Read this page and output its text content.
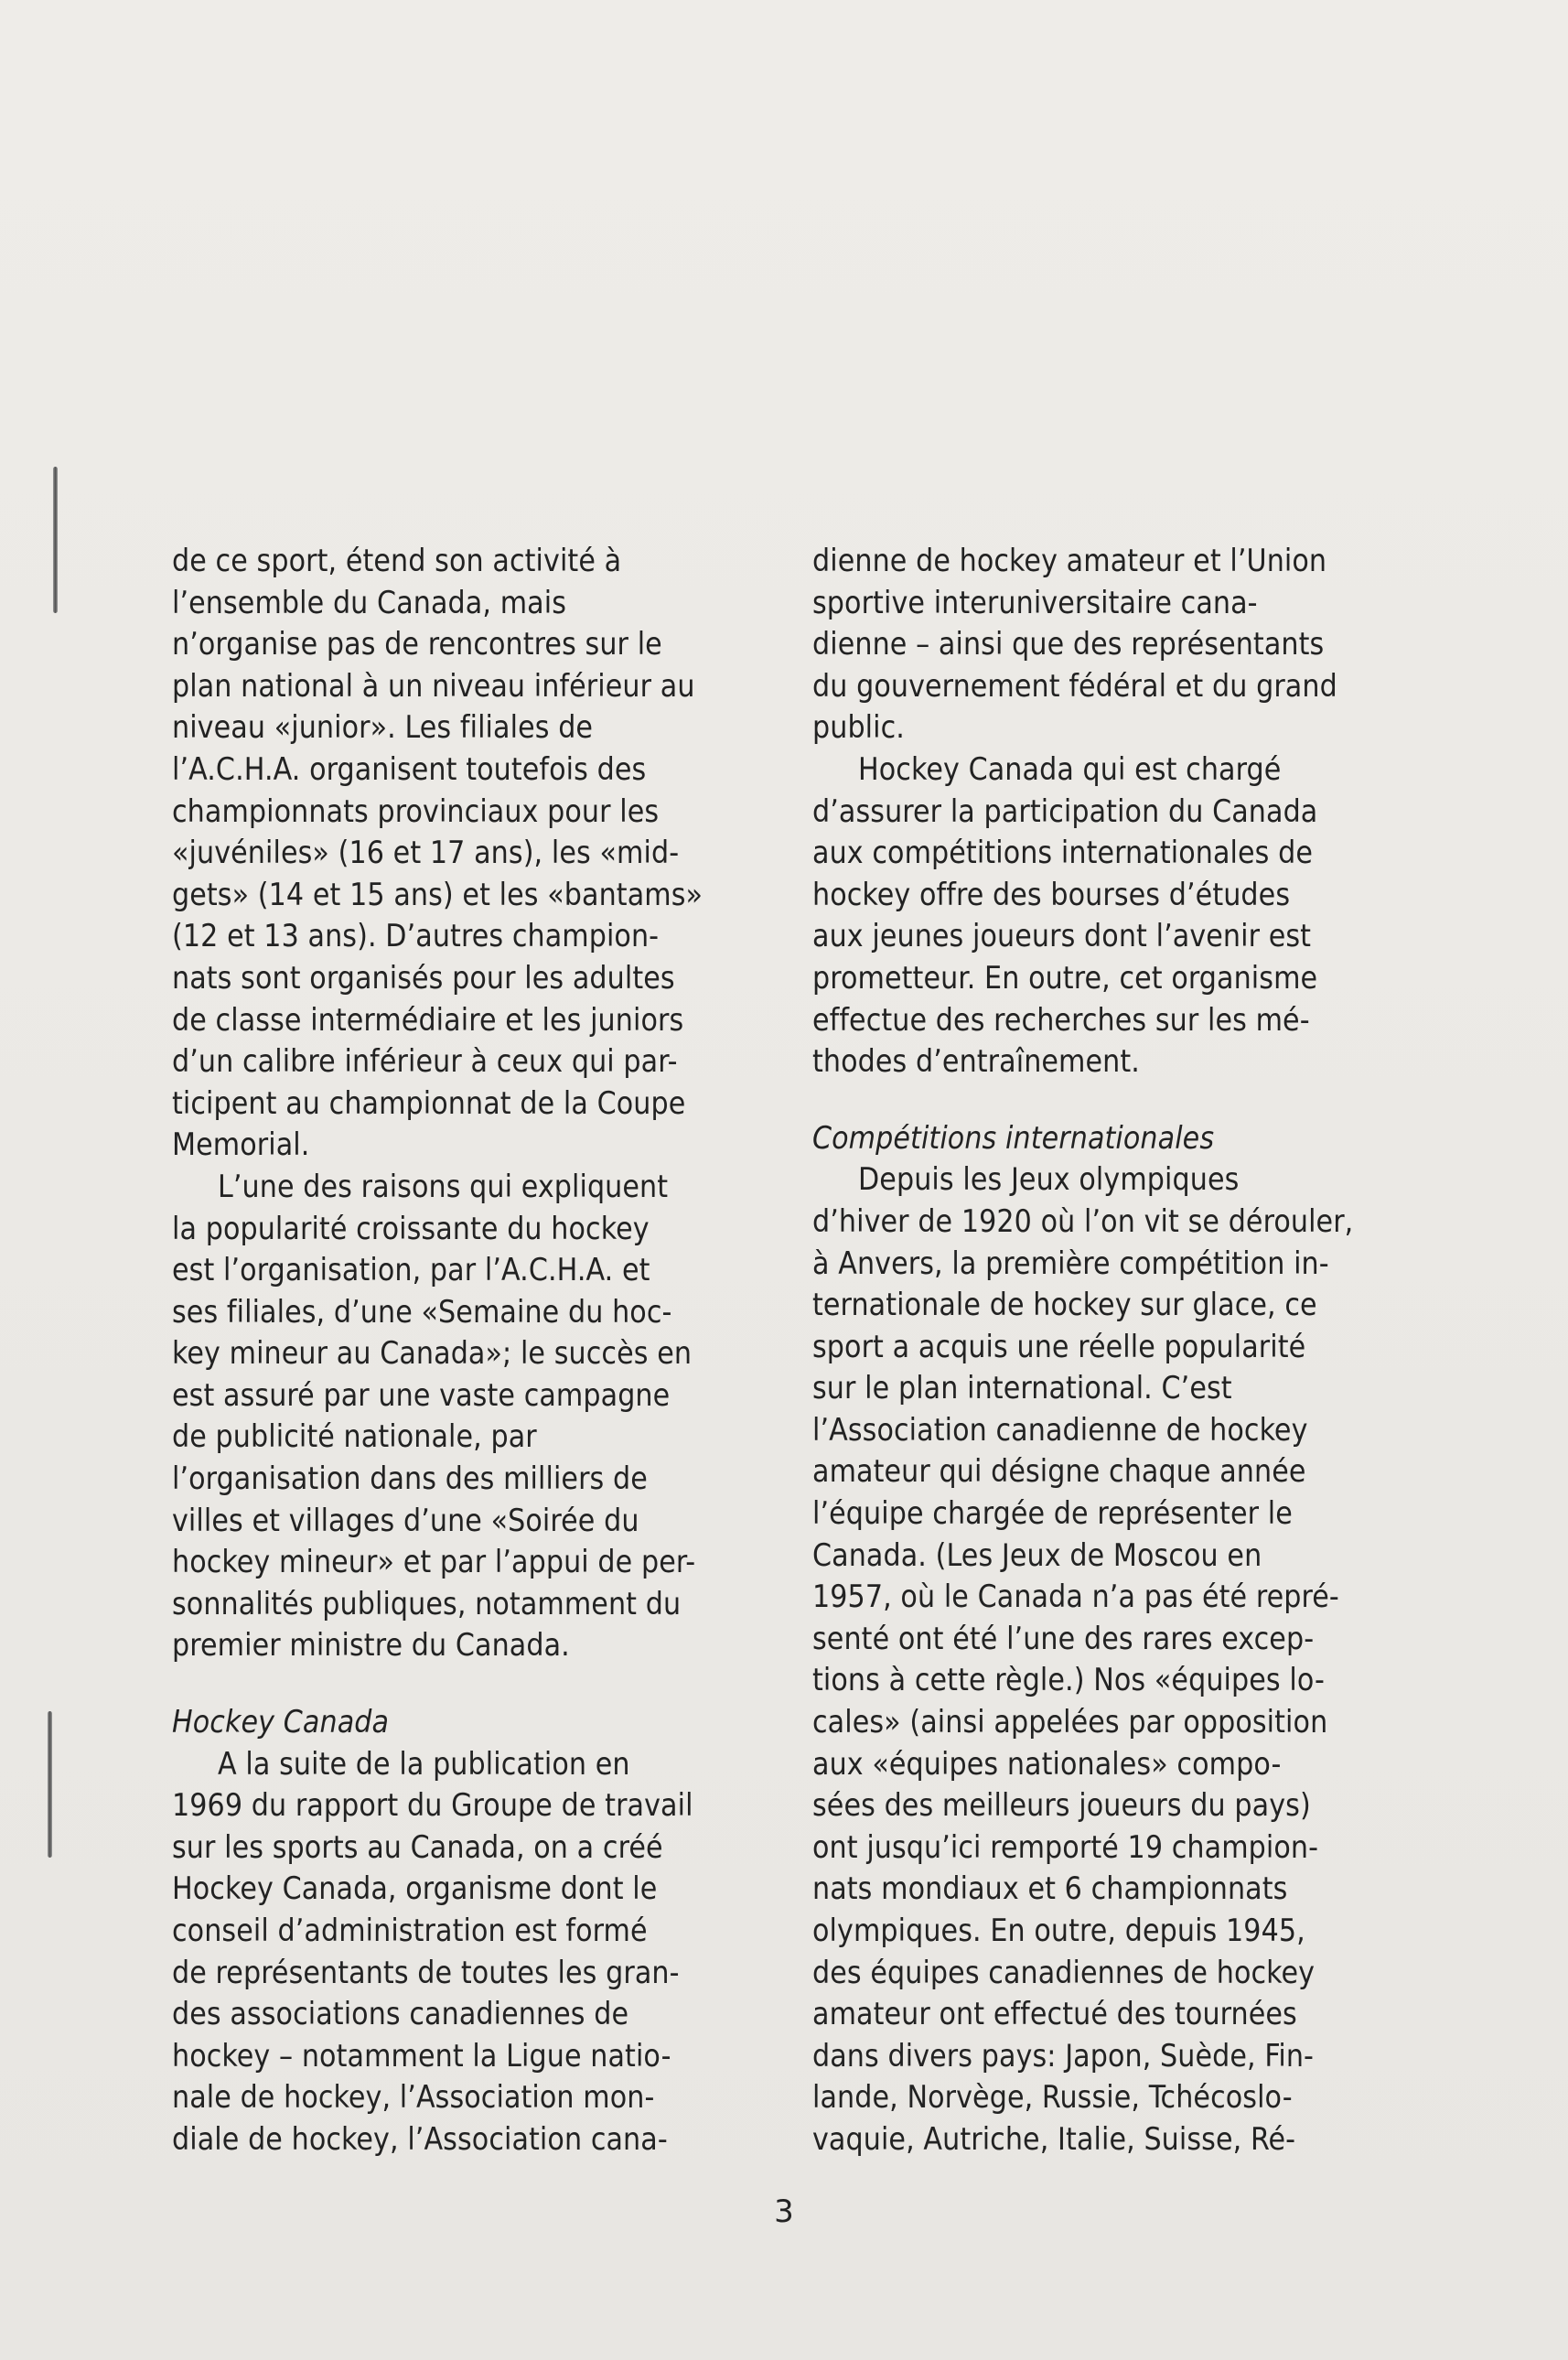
de ce sport, étend son activité à
l’ensemble du Canada, mais
n’organise pas de rencontres sur le
plan national à un niveau inférieur au
niveau «junior». Les filiales de
l’A.C.H.A. organisent toutefois des
championnats provinciaux pour les
«juvéniles» (16 et 17 ans), les «mid-
gets» (14 et 15 ans) et les «bantams»
(12 et 13 ans). D’autres champion-
nats sont organisés pour les adultes
de classe intermédiaire et les juniors
d’un calibre inférieur à ceux qui par-
ticipent au championnat de la Coupe
Memorial.

L’une des raisons qui expliquent
la popularité croissante du hockey
est l’organisation, par l’A.C.H.A. et
ses filiales, d’une «Semaine du hoc-
key mineur au Canada»; le succès en
est assuré par une vaste campagne
de publicité nationale, par
l’organisation dans des milliers de
villes et villages d’une «Soirée du
hockey mineur» et par l’appui de per-
sonnalités publiques, notamment du
premier ministre du Canada.

Hockey Canada

A la suite de la publication en
1969 du rapport du Groupe de travail
sur les sports au Canada, on a créé
Hockey Canada, organisme dont le
conseil d’administration est formé
de représentants de toutes les gran-
des associations canadiennes de
hockey – notamment la Ligue natio-
nale de hockey, l’Association mon-
diale de hockey, l’Association cana-

dienne de hockey amateur et l’Union
sportive interuniversitaire cana-
dienne – ainsi que des représentants
du gouvernement fédéral et du grand
public.

Hockey Canada qui est chargé
d’assurer la participation du Canada
aux compétitions internationales de
hockey offre des bourses d’études
aux jeunes joueurs dont l’avenir est
prometteur. En outre, cet organisme
effectue des recherches sur les mé-
thodes d’entraînement.

Compétitions internationales

Depuis les Jeux olympiques
d’hiver de 1920 où l’on vit se dérouler,
à Anvers, la première compétition in-
ternationale de hockey sur glace, ce
sport a acquis une réelle popularité
sur le plan international. C’est
l’Association canadienne de hockey
amateur qui désigne chaque année
l’équipe chargée de représenter le
Canada. (Les Jeux de Moscou en
1957, où le Canada n’a pas été repré-
senté ont été l’une des rares excep-
tions à cette règle.) Nos «équipes lo-
cales» (ainsi appelées par opposition
aux «équipes nationales» compo-
sées des meilleurs joueurs du pays)
ont jusqu’ici remporté 19 champion-
nats mondiaux et 6 championnats
olympiques. En outre, depuis 1945,
des équipes canadiennes de hockey
amateur ont effectué des tournées
dans divers pays: Japon, Suède, Fin-
lande, Norvège, Russie, Tchécoslo-
vaquie, Autriche, Italie, Suisse, Ré-

3
